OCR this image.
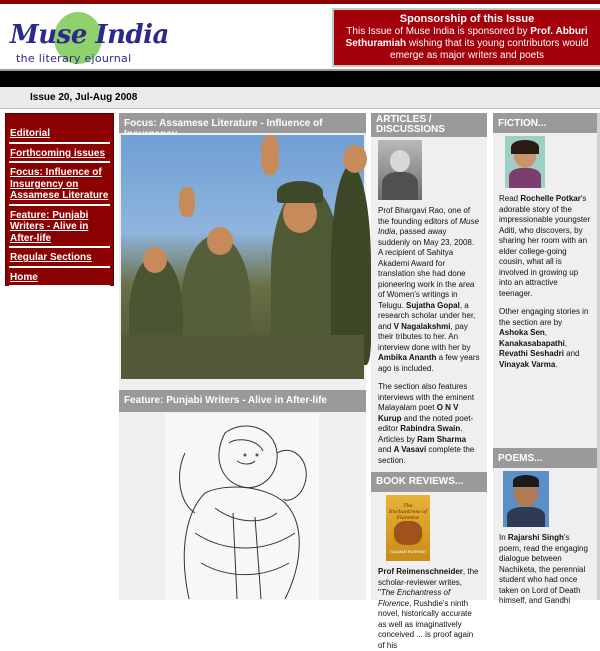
Muse India
the literary ejournal
Sponsorship of this Issue

This Issue of Muse India is sponsored by Prof. Abburi Sethuramiah wishing that its young contributors would emerge as major writers and poets

Issue 20, Jul-Aug 2008
Editorial
Forthcoming issues
Focus: Influence of Insurgency on Assamese Literature
Feature: Punjabi Writers - Alive in After-life
Regular Sections
Home
Logout
Focus: Assamese Literature - Influence of
Feature: Punjabi Writers - Alive in After-life
ARTICLES / DISCUSSIONS

Prof Bhargavi Rao, one of the founding editors of Muse India, passed away suddenly on May 23, 2008. A recipient of Sahitya Akademi Award for translation she had done pioneering work in the area of Women's writings in Telugu. Sujatha Gopal, a research scholar under her, and V Nagalakshmi, pay their tributes to her. An interview done with her by Ambika Ananth a few years ago is included.

The section also features interviews with the eminent Malayalam poet O N V Kurup and the noted poet-editor Rabindra Swain. Articles by Ram Sharma and A Vasavi complete the section.

BOOK REVIEWS...
The Enchantress of Florence
SALMAN RUSHDIE

Prof Reimenschneider, the scholar-reviewer writes, "The Enchantress of Florence, Rushdie's ninth novel, historically accurate as well as imaginatively conceived ... is proof again of his

FICTION...

Read Rochelle Potkar's adorable story of the impressionable youngster Aditi, who discovers, by sharing her room with an elder college-going cousin, what all is involved in growing up into an attractive teenager.

Other engaging stories in the section are by Ashoka Sen, Kanakasabapathi, Revathi Seshadri and Vinayak Varma.

POEMS...

In Rajarshi Singh's poem, read the engaging dialogue between Nachiketa, the perennial student who had once taken on Lord of Death himself, and Gandhi
